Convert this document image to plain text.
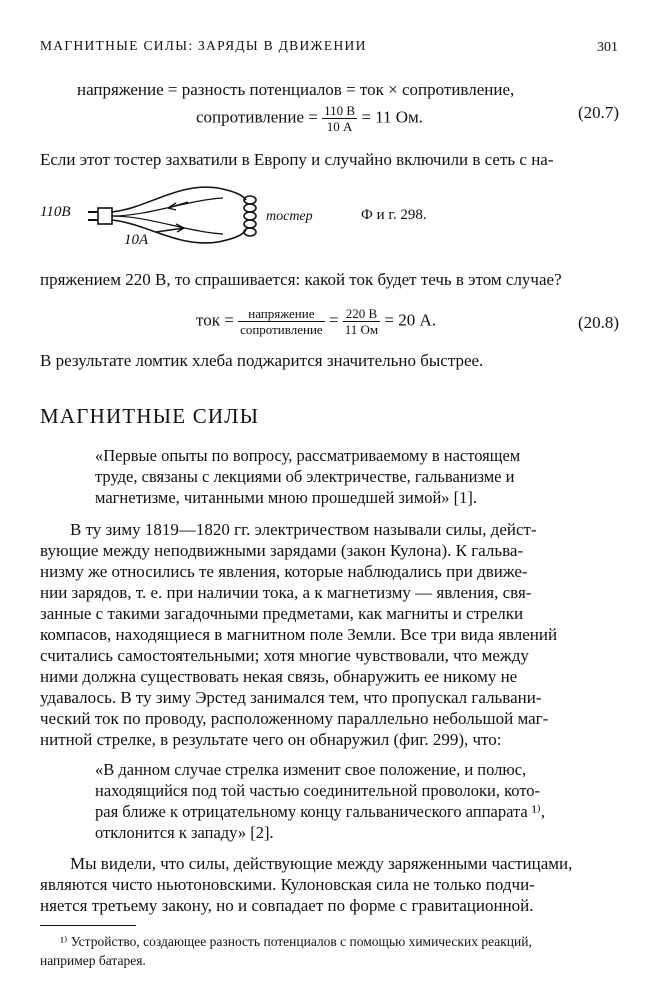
МАГНИТНЫЕ СИЛЫ: ЗАРЯДЫ В ДВИЖЕНИИ	301
напряжение = разность потенциалов = ток × сопротивление,
сопротивление = $\frac{110 В}{10 А} = 11$ Ом.	(20.7)
Если этот тостер захватили в Европу и случайно включили в сеть с на-
110В
10А
тостер	Ф и г. 298.
пряжением 220 В, то спрашивается: какой ток будет течь в этом случае?
ток = $\frac{\text{напряжение}}{\text{сопротивление}} = \frac{220 В}{11 Ом} = 20$ А.	(20.8)
В результате ломтик хлеба поджарится значительно быстрее.
МАГНИТНЫЕ СИЛЫ
«Первые опыты по вопросу, рассматриваемому в настоящем
труде, связаны с лекциями об электричестве, гальванизме и
магнетизме, читанными мною прошедшей зимой» [1].
В ту зиму 1819—1820 гг. электричеством называли силы, дейст-
вующие между неподвижными зарядами (закон Кулона). К гальва-
низму же относились те явления, которые наблюдались при движе-
нии зарядов, т. е. при наличии тока, а к магнетизму — явления, свя-
занные с такими загадочными предметами, как магниты и стрелки
компасов, находящиеся в магнитном поле Земли. Все три вида явлений
считались самостоятельными; хотя многие чувствовали, что между
ними должна существовать некая связь, обнаружить ее никому не
удавалось. В ту зиму Эрстед занимался тем, что пропускал гальвани-
ческий ток по проводу, расположенному параллельно небольшой маг-
нитной стрелке, в результате чего он обнаружил (фиг. 299), что:
«В данном случае стрелка изменит свое положение, и полюс,
находящийся под той частью соединительной проволоки, кото-
рая ближе к отрицательному концу гальванического аппарата ¹⁾,
отклонится к западу» [2].
Мы видели, что силы, действующие между заряженными частицами,
являются чисто ньютоновскими. Кулоновская сила не только подчи-
няется третьему закону, но и совпадает по форме с гравитационной.
¹⁾ Устройство, создающее разность потенциалов с помощью химических реакций,
например батарея.
